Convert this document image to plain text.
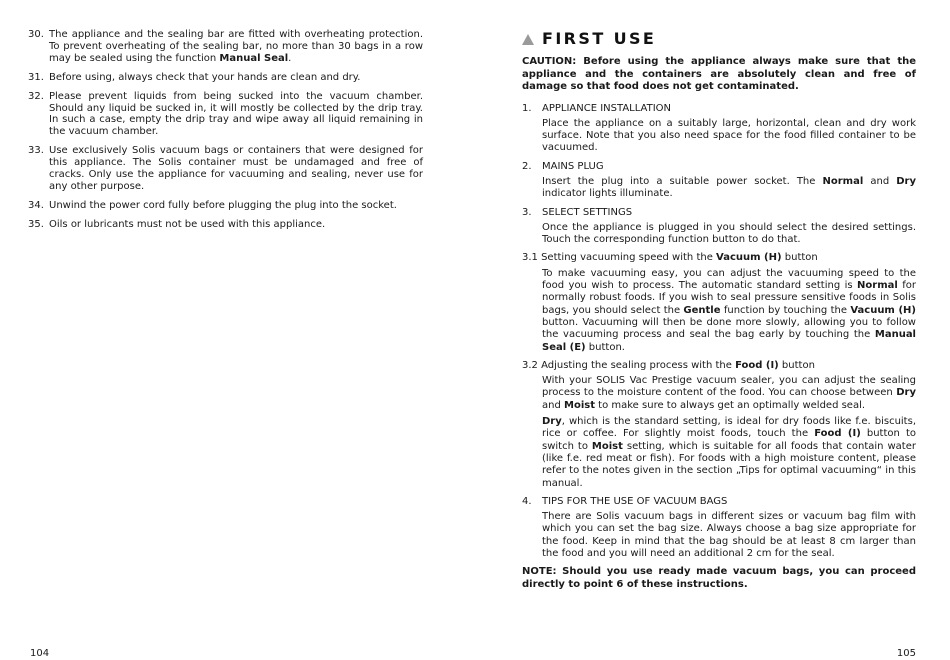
30. The appliance and the sealing bar are fitted with overheating protection. To prevent overheating of the sealing bar, no more than 30 bags in a row may be sealed using the function Manual Seal.
31. Before using, always check that your hands are clean and dry.
32. Please prevent liquids from being sucked into the vacuum chamber. Should any liquid be sucked in, it will mostly be collected by the drip tray. In such a case, empty the drip tray and wipe away all liquid remaining in the vacuum chamber.
33. Use exclusively Solis vacuum bags or containers that were designed for this appliance. The Solis container must be undamaged and free of cracks. Only use the appliance for vacuuming and sealing, never use for any other purpose.
34. Unwind the power cord fully before plugging the plug into the socket.
35. Oils or lubricants must not be used with this appliance.
104
FIRST USE
CAUTION: Before using the appliance always make sure that the appliance and the containers are absolutely clean and free of damage so that food does not get contaminated.
1. APPLIANCE INSTALLATION
Place the appliance on a suitably large, horizontal, clean and dry work surface. Note that you also need space for the food filled container to be vacuumed.
2. MAINS PLUG
Insert the plug into a suitable power socket. The Normal and Dry indicator lights illuminate.
3. SELECT SETTINGS
Once the appliance is plugged in you should select the desired settings. Touch the corresponding function button to do that.
3.1 Setting vacuuming speed with the Vacuum (H) button
To make vacuuming easy, you can adjust the vacuuming speed to the food you wish to process. The automatic standard setting is Normal for normally robust foods. If you wish to seal pressure sensitive foods in Solis bags, you should select the Gentle function by touching the Vacuum (H) button. Vacuuming will then be done more slowly, allowing you to follow the vacuuming process and seal the bag early by touching the Manual Seal (E) button.
3.2 Adjusting the sealing process with the Food (I) button
With your SOLIS Vac Prestige vacuum sealer, you can adjust the sealing process to the moisture content of the food. You can choose between Dry and Moist to make sure to always get an optimally welded seal.
Dry, which is the standard setting, is ideal for dry foods like f.e. biscuits, rice or coffee. For slightly moist foods, touch the Food (I) button to switch to Moist setting, which is suitable for all foods that contain water (like f.e. red meat or fish). For foods with a high moisture content, please refer to the notes given in the section „Tips for optimal vacuuming“ in this manual.
4. TIPS FOR THE USE OF VACUUM BAGS
There are Solis vacuum bags in different sizes or vacuum bag film with which you can set the bag size. Always choose a bag size appropriate for the food. Keep in mind that the bag should be at least 8 cm larger than the food and you will need an additional 2 cm for the seal.
NOTE: Should you use ready made vacuum bags, you can proceed directly to point 6 of these instructions.
105
